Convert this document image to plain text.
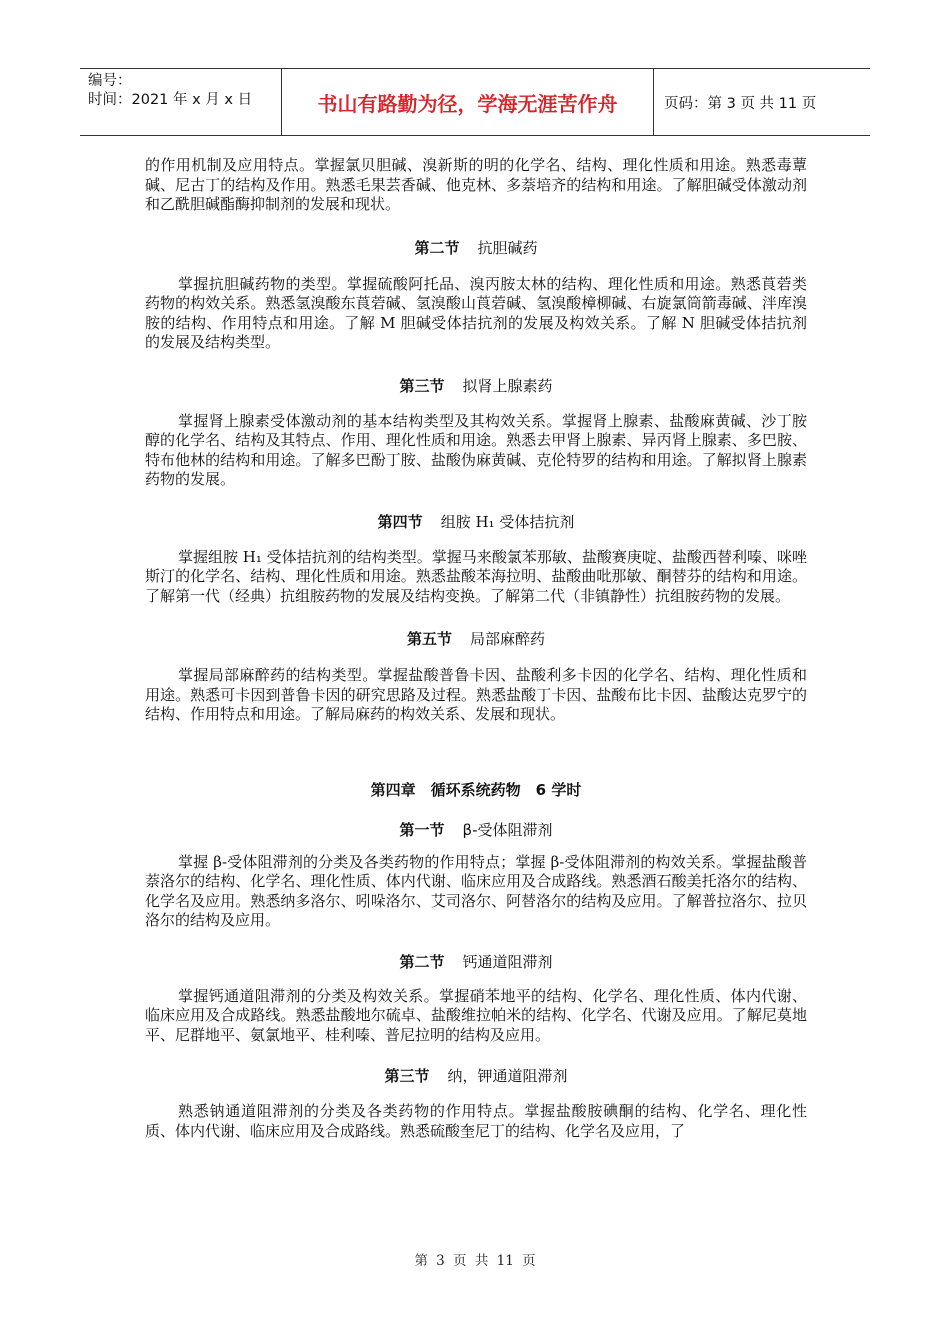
编号：
时间：2021 年 x 月 x 日	书山有路勤为径，学海无涯苦作舟	页码：第 3 页 共 11 页

的作用机制及应用特点。掌握氯贝胆碱、溴新斯的明的化学名、结构、理化性质和用途。熟悉毒蕈碱、尼古丁的结构及作用。熟悉毛果芸香碱、他克林、多萘培齐的结构和用途。了解胆碱受体激动剂和乙酰胆碱酯酶抑制剂的发展和现状。

第二节 抗胆碱药

掌握抗胆碱药物的类型。掌握硫酸阿托品、溴丙胺太林的结构、理化性质和用途。熟悉莨菪类药物的构效关系。熟悉氢溴酸东莨菪碱、氢溴酸山莨菪碱、氢溴酸樟柳碱、右旋氯筒箭毒碱、泮库溴胺的结构、作用特点和用途。了解 M 胆碱受体拮抗剂的发展及构效关系。了解 N 胆碱受体拮抗剂的发展及结构类型。

第三节 拟肾上腺素药

掌握肾上腺素受体激动剂的基本结构类型及其构效关系。掌握肾上腺素、盐酸麻黄碱、沙丁胺醇的化学名、结构及其特点、作用、理化性质和用途。熟悉去甲肾上腺素、异丙肾上腺素、多巴胺、特布他林的结构和用途。了解多巴酚丁胺、盐酸伪麻黄碱、克伦特罗的结构和用途。了解拟肾上腺素药物的发展。

第四节 组胺 H₁ 受体拮抗剂

掌握组胺 H₁ 受体拮抗剂的结构类型。掌握马来酸氯苯那敏、盐酸赛庚啶、盐酸西替利嗪、咪唑斯汀的化学名、结构、理化性质和用途。熟悉盐酸苯海拉明、盐酸曲吡那敏、酮替芬的结构和用途。了解第一代（经典）抗组胺药物的发展及结构变换。了解第二代（非镇静性）抗组胺药物的发展。

第五节 局部麻醉药

掌握局部麻醉药的结构类型。掌握盐酸普鲁卡因、盐酸利多卡因的化学名、结构、理化性质和用途。熟悉可卡因到普鲁卡因的研究思路及过程。熟悉盐酸丁卡因、盐酸布比卡因、盐酸达克罗宁的结构、作用特点和用途。了解局麻药的构效关系、发展和现状。

第四章　循环系统药物　6 学时
第一节 β-受体阻滞剂

掌握 β-受体阻滞剂的分类及各类药物的作用特点；掌握 β-受体阻滞剂的构效关系。掌握盐酸普萘洛尔的结构、化学名、理化性质、体内代谢、临床应用及合成路线。熟悉酒石酸美托洛尔的结构、化学名及应用。熟悉纳多洛尔、吲哚洛尔、艾司洛尔、阿替洛尔的结构及应用。了解普拉洛尔、拉贝洛尔的结构及应用。

第二节 钙通道阻滞剂

掌握钙通道阻滞剂的分类及构效关系。掌握硝苯地平的结构、化学名、理化性质、体内代谢、临床应用及合成路线。熟悉盐酸地尔硫卓、盐酸维拉帕米的结构、化学名、代谢及应用。了解尼莫地平、尼群地平、氨氯地平、桂利嗪、普尼拉明的结构及应用。

第三节 纳，钾通道阻滞剂

熟悉钠通道阻滞剂的分类及各类药物的作用特点。掌握盐酸胺碘酮的结构、化学名、理化性质、体内代谢、临床应用及合成路线。熟悉硫酸奎尼丁的结构、化学名及应用，了

第 3 页 共 11 页
